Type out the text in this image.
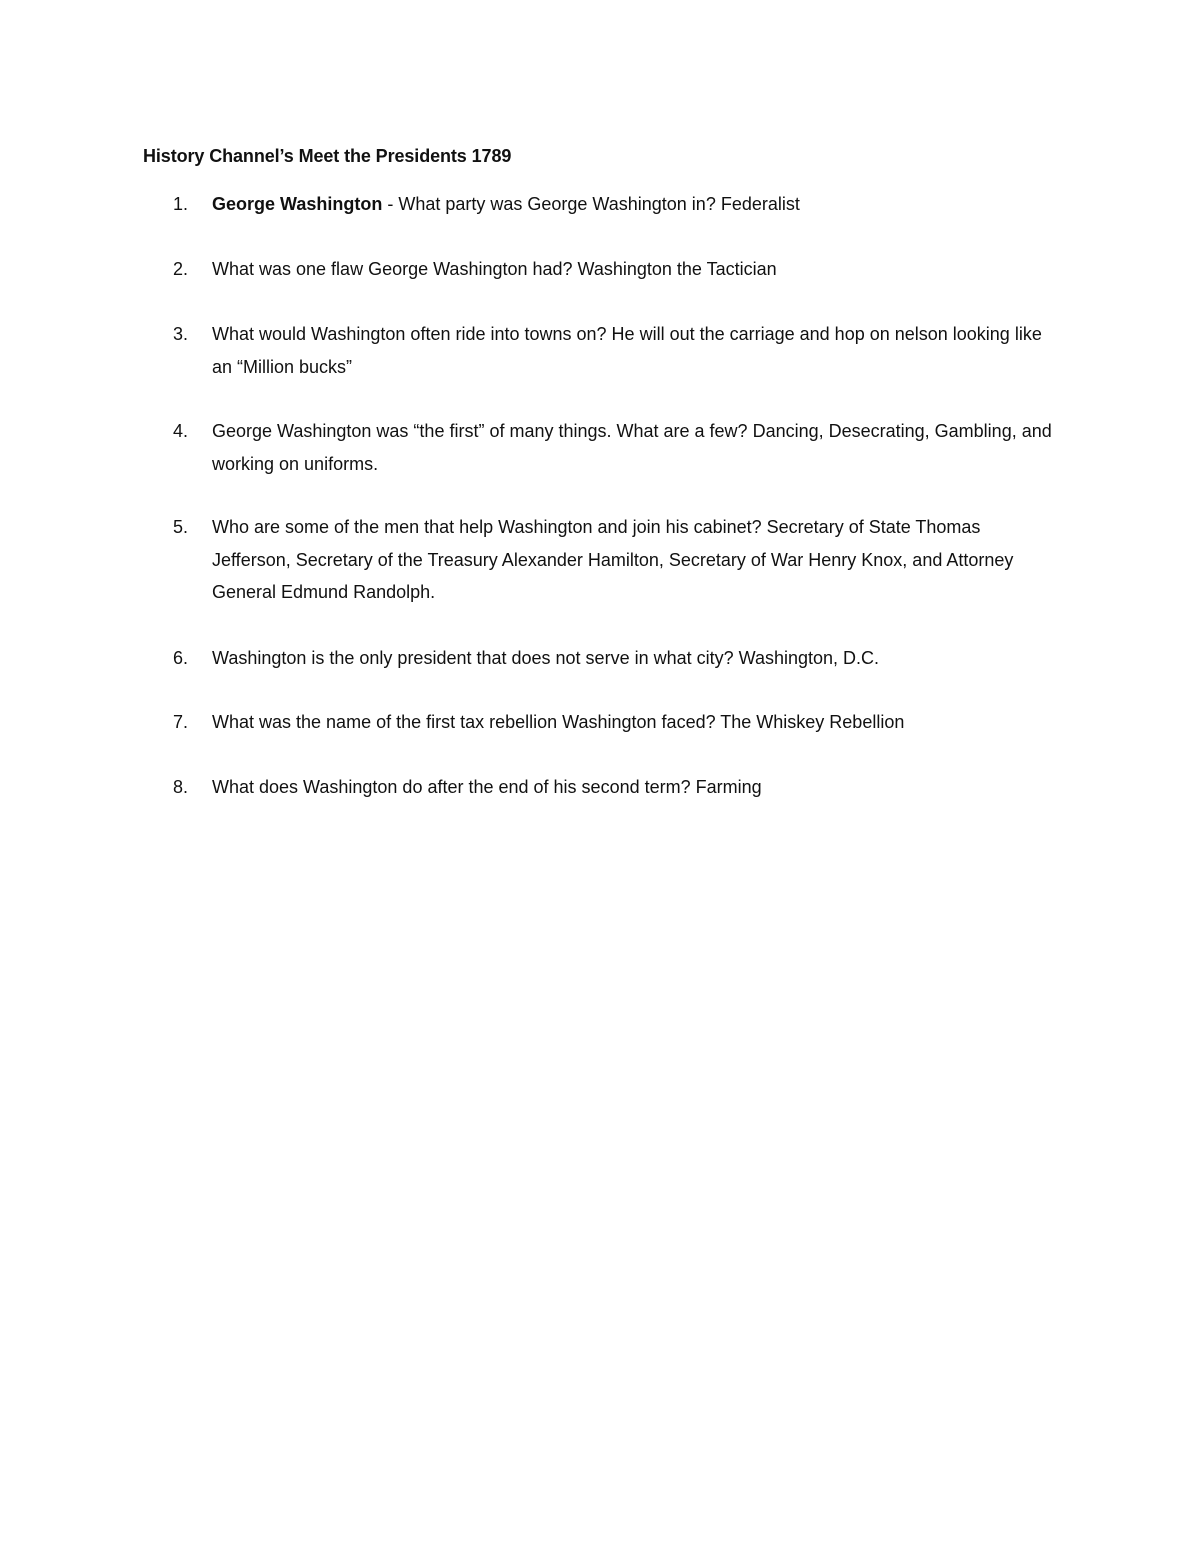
History Channel’s Meet the Presidents 1789
1.	George Washington - What party was George Washington in? Federalist
2.	What was one flaw George Washington had? Washington the Tactician
3.	What would Washington often ride into towns on? He will out the carriage and hop on nelson looking like an “Million bucks”
4.	George Washington was “the first” of many things. What are a few? Dancing, Desecrating, Gambling, and working on uniforms.
5.	Who are some of the men that help Washington and join his cabinet? Secretary of State Thomas Jefferson, Secretary of the Treasury Alexander Hamilton, Secretary of War Henry Knox, and Attorney General Edmund Randolph.
6.	Washington is the only president that does not serve in what city? Washington, D.C.
7.	What was the name of the first tax rebellion Washington faced? The Whiskey Rebellion
8.	What does Washington do after the end of his second term? Farming
